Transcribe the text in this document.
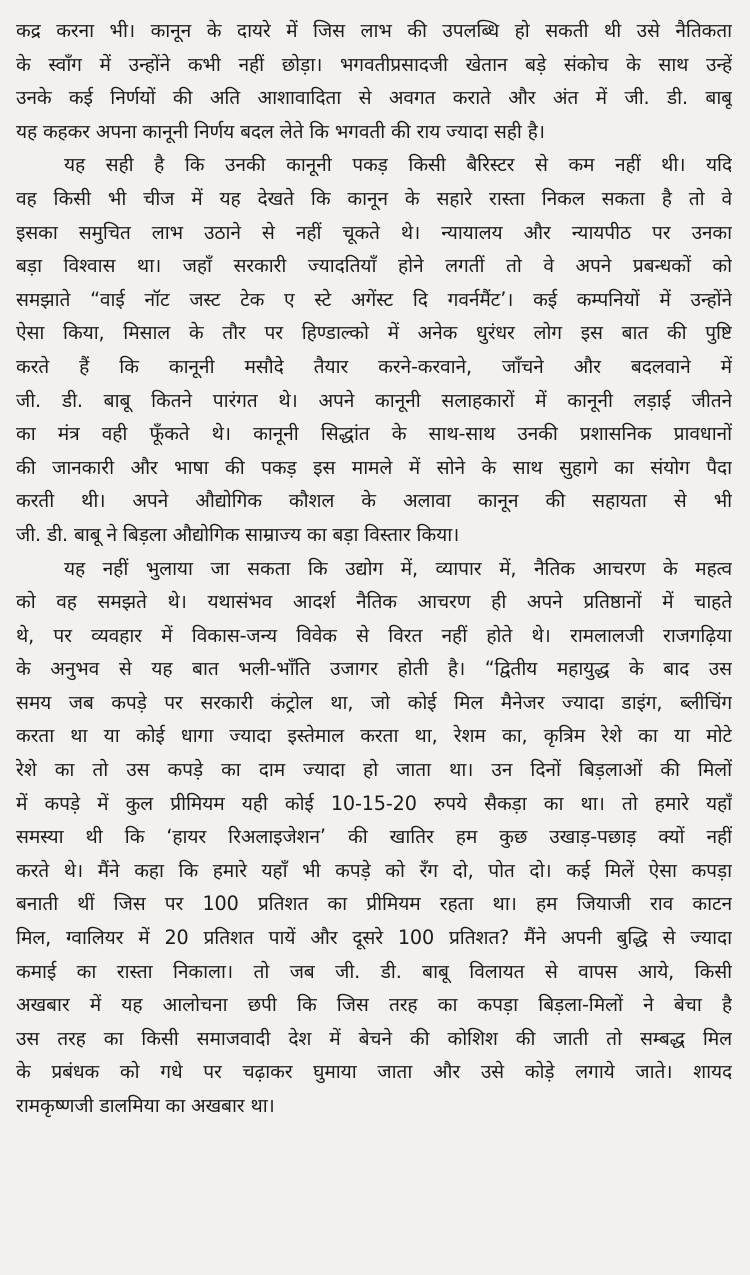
कद्र करना भी। कानून के दायरे में जिस लाभ की उपलब्धि हो सकती थी उसे नैतिकता
के स्वाँग में उन्होंने कभी नहीं छोड़ा। भगवतीप्रसादजी खेतान बड़े संकोच के साथ उन्हें
उनके कई निर्णयों की अति आशावादिता से अवगत कराते और अंत में जी. डी. बाबू
यह कहकर अपना कानूनी निर्णय बदल लेते कि भगवती की राय ज्यादा सही है।
यह सही है कि उनकी कानूनी पकड़ किसी बैरिस्टर से कम नहीं थी। यदि
वह किसी भी चीज में यह देखते कि कानून के सहारे रास्ता निकल सकता है तो वे
इसका समुचित लाभ उठाने से नहीं चूकते थे। न्यायालय और न्यायपीठ पर उनका
बड़ा विश्वास था। जहाँ सरकारी ज्यादतियाँ होने लगतीं तो वे अपने प्रबन्धकों को
समझाते “वाई नॉट जस्ट टेक ए स्टे अगेंस्ट दि गवर्नमैंट’। कई कम्पनियों में उन्होंने
ऐसा किया, मिसाल के तौर पर हिण्डाल्को में अनेक धुरंधर लोग इस बात की पुष्टि
करते हैं कि कानूनी मसौदे तैयार करने-करवाने, जाँचने और बदलवाने में
जी. डी. बाबू कितने पारंगत थे। अपने कानूनी सलाहकारों में कानूनी लड़ाई जीतने
का मंत्र वही फूँकते थे। कानूनी सिद्धांत के साथ-साथ उनकी प्रशासनिक प्रावधानों
की जानकारी और भाषा की पकड़ इस मामले में सोने के साथ सुहागे का संयोग पैदा
करती थी। अपने औद्योगिक कौशल के अलावा कानून की सहायता से भी
जी. डी. बाबू ने बिड़ला औद्योगिक साम्राज्य का बड़ा विस्तार किया।
यह नहीं भुलाया जा सकता कि उद्योग में, व्यापार में, नैतिक आचरण के महत्व
को वह समझते थे। यथासंभव आदर्श नैतिक आचरण ही अपने प्रतिष्ठानों में चाहते
थे, पर व्यवहार में विकास-जन्य विवेक से विरत नहीं होते थे। रामलालजी राजगढ़िया
के अनुभव से यह बात भली-भाँति उजागर होती है। “द्वितीय महायुद्ध के बाद उस
समय जब कपड़े पर सरकारी कंट्रोल था, जो कोई मिल मैनेजर ज्यादा डाइंग, ब्लीचिंग
करता था या कोई धागा ज्यादा इस्तेमाल करता था, रेशम का, कृत्रिम रेशे का या मोटे
रेशे का तो उस कपड़े का दाम ज्यादा हो जाता था। उन दिनों बिड़लाओं की मिलों
में कपड़े में कुल प्रीमियम यही कोई 10-15-20 रुपये सैकड़ा का था। तो हमारे यहाँ
समस्या थी कि ‘हायर रिअलाइजेशन’ की खातिर हम कुछ उखाड़-पछाड़ क्यों नहीं
करते थे। मैंने कहा कि हमारे यहाँ भी कपड़े को रँग दो, पोत दो। कई मिलें ऐसा कपड़ा
बनाती थीं जिस पर 100 प्रतिशत का प्रीमियम रहता था। हम जियाजी राव काटन
मिल, ग्वालियर में 20 प्रतिशत पायें और दूसरे 100 प्रतिशत? मैंने अपनी बुद्धि से ज्यादा
कमाई का रास्ता निकाला। तो जब जी. डी. बाबू विलायत से वापस आये, किसी
अखबार में यह आलोचना छपी कि जिस तरह का कपड़ा बिड़ला-मिलों ने बेचा है
उस तरह का किसी समाजवादी देश में बेचने की कोशिश की जाती तो सम्बद्ध मिल
के प्रबंधक को गधे पर चढ़ाकर घुमाया जाता और उसे कोड़े लगाये जाते। शायद
रामकृष्णजी डालमिया का अखबार था।
